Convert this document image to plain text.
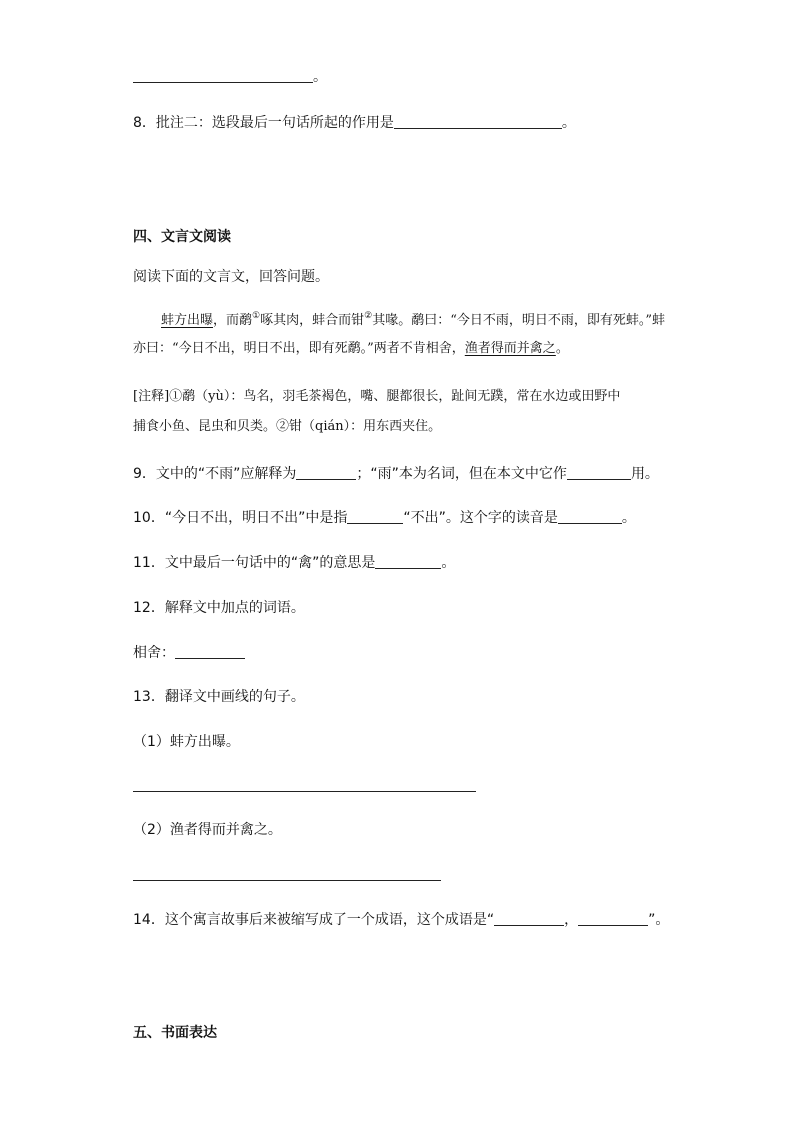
。
8．批注二：选段最后一句话所起的作用是	。
四、文言文阅读
阅读下面的文言文，回答问题。
蚌方出曝，而鹬①啄其肉，蚌合而钳②其喙。鹬曰：“今日不雨，明日不雨，即有死蚌。”蚌亦曰：“今日不出，明日不出，即有死鹬。”两者不肯相舍，渔者得而并禽之。
[注释]①鹬（yù）：鸟名，羽毛茶褐色，嘴、腿都很长，趾间无蹼，常在水边或田野中
捕食小鱼、昆虫和贝类。②钳（qián）：用东西夹住。
9．文中的“不雨”应解释为	；“雨”本为名词，但在本文中它作	用。
10．“今日不出，明日不出”中是指	“不出”。这个字的读音是	。
11．文中最后一句话中的“禽”的意思是	。
12．解释文中加点的词语。
相舍：
13．翻译文中画线的句子。
（1）蚌方出曝。
（2）渔者得而并禽之。
14．这个寓言故事后来被缩写成了一个成语，这个成语是“	，	”。
五、书面表达
